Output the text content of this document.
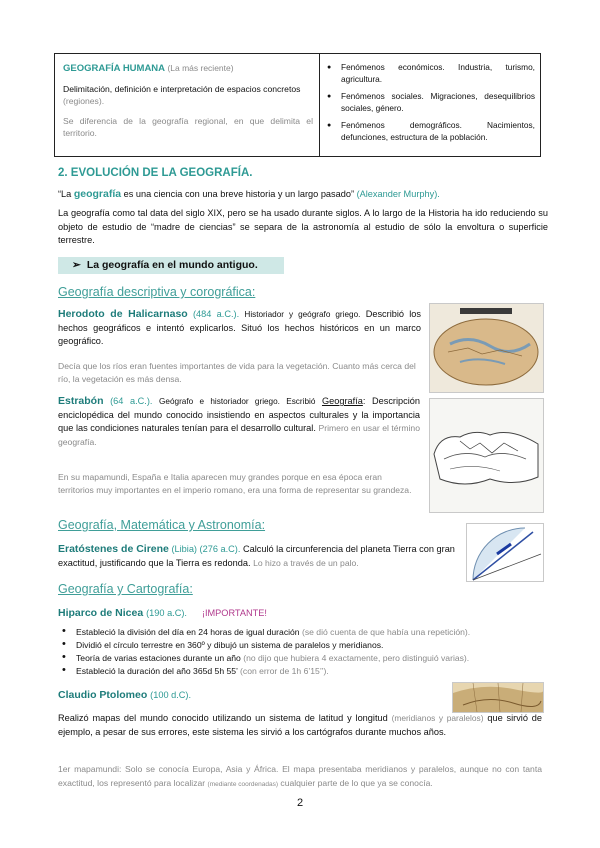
GEOGRAFÍA HUMANA (La más reciente)
Delimitación, definición e interpretación de espacios concretos (regiones).
Se diferencia de la geografía regional, en que delimita el territorio.
● Fenómenos económicos. Industria, turismo, agricultura.
● Fenómenos sociales. Migraciones, desequilibrios sociales, género.
● Fenómenos demográficos. Nacimientos, defunciones, estructura de la población.
2. EVOLUCIÓN DE LA GEOGRAFÍA.
“La geografía es una ciencia con una breve historia y un largo pasado” (Alexander Murphy).
La geografía como tal data del siglo XIX, pero se ha usado durante siglos. A lo largo de la Historia ha ido reduciendo su objeto de estudio de “madre de ciencias” se separa de la astronomía al estudio de sólo la envoltura o superficie terrestre.
➢ La geografía en el mundo antiguo.
Geografía descriptiva y corográfica:
Herodoto de Halicarnaso (484 a.C.). Historiador y geógrafo griego. Describió los hechos geográficos e intentó explicarlos. Situó los hechos históricos en un marco geográfico.
Decía que los ríos eran fuentes importantes de vida para la vegetación. Cuanto más cerca del río, la vegetación es más densa.
Estrabón (64 a.C.). Geógrafo e historiador griego. Escribió Geografía: Descripción enciclopédica del mundo conocido insistiendo en aspectos culturales y la importancia que las condiciones naturales tenían para el desarrollo cultural. Primero en usar el término geografía.
En su mapamundi, España e Italia aparecen muy grandes porque en esa época eran territorios muy importantes en el imperio romano, era una forma de representar su grandeza.
Geografía, Matemática y Astronomía:
Eratóstenes de Cirene (Libia) (276 a.C). Calculó la circunferencia del planeta Tierra con gran exactitud, justificando que la Tierra es redonda. Lo hizo a través de un palo.
Geografía y Cartografía:
Hiparco de Nicea (190 a.C). ¡IMPORTANTE!
• Estableció la división del día en 24 horas de igual duración (se dió cuenta de que había una repetición).
• Dividió el círculo terrestre en 360º y dibujó un sistema de paralelos y meridianos.
• Teoría de varias estaciones durante un año (no dijo que hubiera 4 exactamente, pero distinguió varias).
• Estableció la duración del año 365d 5h 55’ (con error de 1h 6’15’’).
Claudio Ptolomeo (100 d.C).
Realizó mapas del mundo conocido utilizando un sistema de latitud y longitud (meridianos y paralelos) que sirvió de ejemplo, a pesar de sus errores, este sistema les sirvió a los cartógrafos durante muchos años.
1er mapamundi: Solo se conocía Europa, Asia y África. El mapa presentaba meridianos y paralelos, aunque no con tanta exactitud, los representó para localizar (mediante coordenadas) cualquier parte de lo que ya se conocía.
2
